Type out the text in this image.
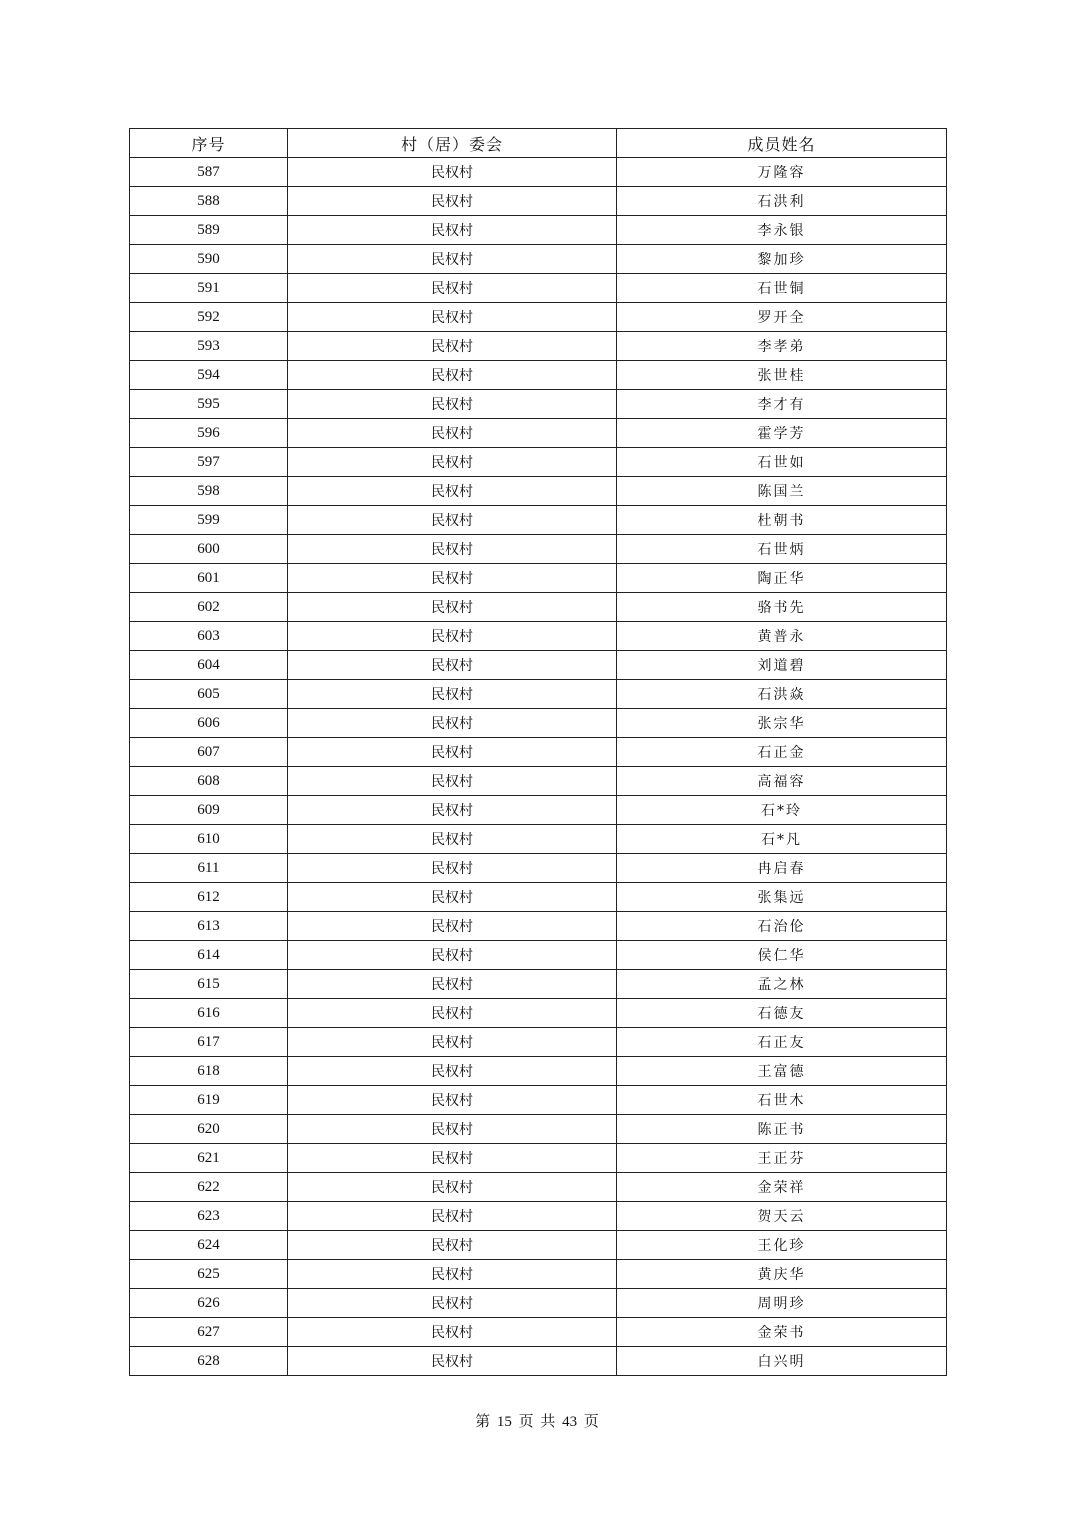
序号	村（居）委会	成员姓名
587	民权村	万隆容
588	民权村	石洪利
589	民权村	李永银
590	民权村	黎加珍
591	民权村	石世铜
592	民权村	罗开全
593	民权村	李孝弟
594	民权村	张世桂
595	民权村	李才有
596	民权村	霍学芳
597	民权村	石世如
598	民权村	陈国兰
599	民权村	杜朝书
600	民权村	石世炳
601	民权村	陶正华
602	民权村	骆书先
603	民权村	黄普永
604	民权村	刘道碧
605	民权村	石洪焱
606	民权村	张宗华
607	民权村	石正金
608	民权村	高福容
609	民权村	石*玲
610	民权村	石*凡
611	民权村	冉启春
612	民权村	张集远
613	民权村	石治伦
614	民权村	侯仁华
615	民权村	孟之林
616	民权村	石德友
617	民权村	石正友
618	民权村	王富德
619	民权村	石世木
620	民权村	陈正书
621	民权村	王正芬
622	民权村	金荣祥
623	民权村	贺天云
624	民权村	王化珍
625	民权村	黄庆华
626	民权村	周明珍
627	民权村	金荣书
628	民权村	白兴明
第 15 页 共 43 页
